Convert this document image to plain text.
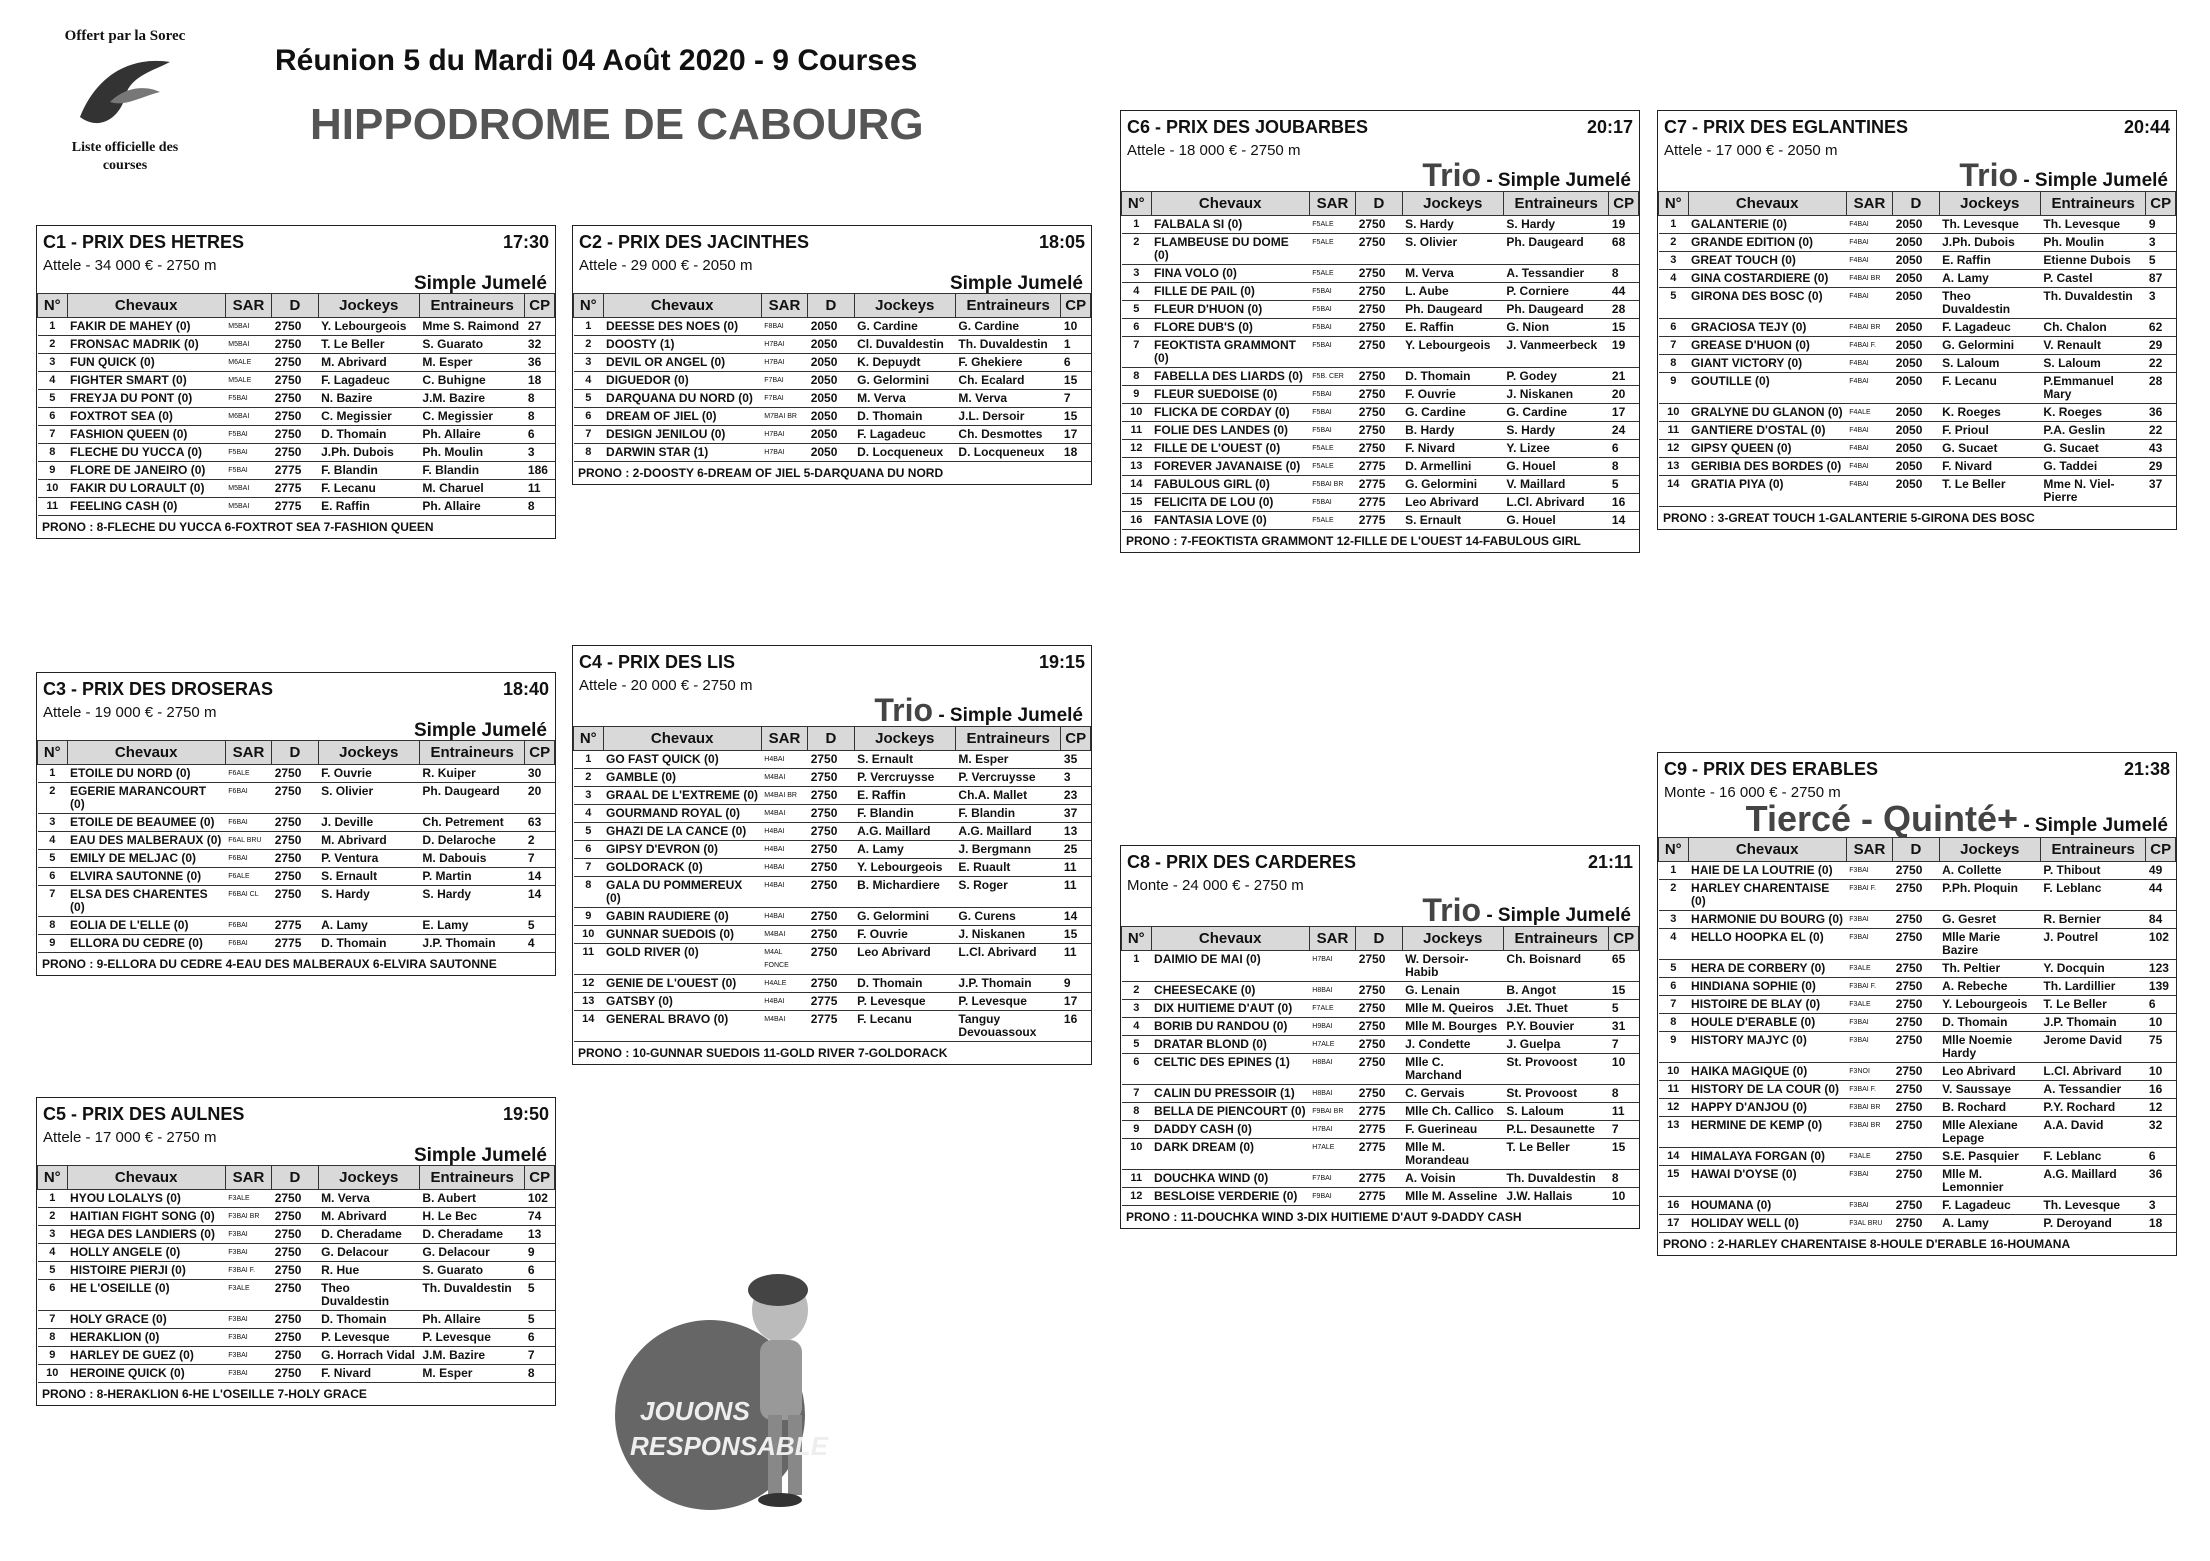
Offert par la Sorec
Liste officielle des courses
Réunion 5 du Mardi 04 Août 2020 - 9 Courses
HIPPODROME DE CABOURG
C1 - PRIX DES HETRES	17:30
Attele - 34 000 € - 2750 m
Simple Jumelé
N°	Chevaux	SAR	D	Jockeys	Entraineurs	CP
1	FAKIR DE MAHEY (0)	M5BAI	2750	Y. Lebourgeois	Mme S. Raimond	27
2	FRONSAC MADRIK (0)	M5BAI	2750	T. Le Beller	S. Guarato	32
3	FUN QUICK (0)	M6ALE	2750	M. Abrivard	M. Esper	36
4	FIGHTER SMART (0)	M5ALE	2750	F. Lagadeuc	C. Buhigne	18
5	FREYJA DU PONT (0)	F5BAI	2750	N. Bazire	J.M. Bazire	8
6	FOXTROT SEA (0)	M6BAI	2750	C. Megissier	C. Megissier	8
7	FASHION QUEEN (0)	F5BAI	2750	D. Thomain	Ph. Allaire	6
8	FLECHE DU YUCCA (0)	F5BAI	2750	J.Ph. Dubois	Ph. Moulin	3
9	FLORE DE JANEIRO (0)	F5BAI	2775	F. Blandin	F. Blandin	186
10	FAKIR DU LORAULT (0)	M5BAI	2775	F. Lecanu	M. Charuel	11
11	FEELING CASH (0)	M5BAI	2775	E. Raffin	Ph. Allaire	8
PRONO : 8-FLECHE DU YUCCA 6-FOXTROT SEA 7-FASHION QUEEN
C2 - PRIX DES JACINTHES	18:05
Attele - 29 000 € - 2050 m
Simple Jumelé
N°	Chevaux	SAR	D	Jockeys	Entraineurs	CP
1	DEESSE DES NOES (0)	F8BAI	2050	G. Cardine	G. Cardine	10
2	DOOSTY (1)	H7BAI	2050	Cl. Duvaldestin	Th. Duvaldestin	1
3	DEVIL OR ANGEL (0)	H7BAI	2050	K. Depuydt	F. Ghekiere	6
4	DIGUEDOR (0)	F7BAI	2050	G. Gelormini	Ch. Ecalard	15
5	DARQUANA DU NORD (0)	F7BAI	2050	M. Verva	M. Verva	7
6	DREAM OF JIEL (0)	M7BAI BR	2050	D. Thomain	J.L. Dersoir	15
7	DESIGN JENILOU (0)	H7BAI	2050	F. Lagadeuc	Ch. Desmottes	17
8	DARWIN STAR (1)	H7BAI	2050	D. Locqueneux	D. Locqueneux	18
PRONO : 2-DOOSTY 6-DREAM OF JIEL 5-DARQUANA DU NORD
C3 - PRIX DES DROSERAS	18:40
Attele - 19 000 € - 2750 m
Simple Jumelé
N°	Chevaux	SAR	D	Jockeys	Entraineurs	CP
1	ETOILE DU NORD (0)	F6ALE	2750	F. Ouvrie	R. Kuiper	30
2	EGERIE MARANCOURT (0)	F6BAI	2750	S. Olivier	Ph. Daugeard	20
3	ETOILE DE BEAUMEE (0)	F6BAI	2750	J. Deville	Ch. Petrement	63
4	EAU DES MALBERAUX (0)	F6AL BRU	2750	M. Abrivard	D. Delaroche	2
5	EMILY DE MELJAC (0)	F6BAI	2750	P. Ventura	M. Dabouis	7
6	ELVIRA SAUTONNE (0)	F6ALE	2750	S. Ernault	P. Martin	14
7	ELSA DES CHARENTES (0)	F6BAI CL	2750	S. Hardy	S. Hardy	14
8	EOLIA DE L'ELLE (0)	F6BAI	2775	A. Lamy	E. Lamy	5
9	ELLORA DU CEDRE (0)	F6BAI	2775	D. Thomain	J.P. Thomain	4
PRONO : 9-ELLORA DU CEDRE 4-EAU DES MALBERAUX 6-ELVIRA SAUTONNE
C4 - PRIX DES LIS	19:15
Attele - 20 000 € - 2750 m
Trio - Simple Jumelé
N°	Chevaux	SAR	D	Jockeys	Entraineurs	CP
1	GO FAST QUICK (0)	H4BAI	2750	S. Ernault	M. Esper	35
2	GAMBLE (0)	M4BAI	2750	P. Vercruysse	P. Vercruysse	3
3	GRAAL DE L'EXTREME (0)	M4BAI BR	2750	E. Raffin	Ch.A. Mallet	23
4	GOURMAND ROYAL (0)	M4BAI	2750	F. Blandin	F. Blandin	37
5	GHAZI DE LA CANCE (0)	H4BAI	2750	A.G. Maillard	A.G. Maillard	13
6	GIPSY D'EVRON (0)	H4BAI	2750	A. Lamy	J. Bergmann	25
7	GOLDORACK (0)	H4BAI	2750	Y. Lebourgeois	E. Ruault	11
8	GALA DU POMMEREUX (0)	H4BAI	2750	B. Michardiere	S. Roger	11
9	GABIN RAUDIERE (0)	H4BAI	2750	G. Gelormini	G. Curens	14
10	GUNNAR SUEDOIS (0)	M4BAI	2750	F. Ouvrie	J. Niskanen	15
11	GOLD RIVER (0)	M4AL FONCE	2750	Leo Abrivard	L.Cl. Abrivard	11
12	GENIE DE L'OUEST (0)	H4ALE	2750	D. Thomain	J.P. Thomain	9
13	GATSBY (0)	H4BAI	2775	P. Levesque	P. Levesque	17
14	GENERAL BRAVO (0)	M4BAI	2775	F. Lecanu	Tanguy Devouassoux	16
PRONO : 10-GUNNAR SUEDOIS 11-GOLD RIVER 7-GOLDORACK
C5 - PRIX DES AULNES	19:50
Attele - 17 000 € - 2750 m
Simple Jumelé
N°	Chevaux	SAR	D	Jockeys	Entraineurs	CP
1	HYOU LOLALYS (0)	F3ALE	2750	M. Verva	B. Aubert	102
2	HAITIAN FIGHT SONG (0)	F3BAI BR	2750	M. Abrivard	H. Le Bec	74
3	HEGA DES LANDIERS (0)	F3BAI	2750	D. Cheradame	D. Cheradame	13
4	HOLLY ANGELE (0)	F3BAI	2750	G. Delacour	G. Delacour	9
5	HISTOIRE PIERJI (0)	F3BAI F.	2750	R. Hue	S. Guarato	6
6	HE L'OSEILLE (0)	F3ALE	2750	Theo Duvaldestin	Th. Duvaldestin	5
7	HOLY GRACE (0)	F3BAI	2750	D. Thomain	Ph. Allaire	5
8	HERAKLION (0)	F3BAI	2750	P. Levesque	P. Levesque	6
9	HARLEY DE GUEZ (0)	F3BAI	2750	G. Horrach Vidal	J.M. Bazire	7
10	HEROINE QUICK (0)	F3BAI	2750	F. Nivard	M. Esper	8
PRONO : 8-HERAKLION 6-HE L'OSEILLE 7-HOLY GRACE
C6 - PRIX DES JOUBARBES	20:17
Attele - 18 000 € - 2750 m
Trio - Simple Jumelé
N°	Chevaux	SAR	D	Jockeys	Entraineurs	CP
1	FALBALA SI (0)	F5ALE	2750	S. Hardy	S. Hardy	19
2	FLAMBEUSE DU DOME (0)	F5ALE	2750	S. Olivier	Ph. Daugeard	68
3	FINA VOLO (0)	F5ALE	2750	M. Verva	A. Tessandier	8
4	FILLE DE PAIL (0)	F5BAI	2750	L. Aube	P. Corniere	44
5	FLEUR D'HUON (0)	F5BAI	2750	Ph. Daugeard	Ph. Daugeard	28
6	FLORE DUB'S (0)	F5BAI	2750	E. Raffin	G. Nion	15
7	FEOKTISTA GRAMMONT (0)	F5BAI	2750	Y. Lebourgeois	J. Vanmeerbeck	19
8	FABELLA DES LIARDS (0)	F5B. CER	2750	D. Thomain	P. Godey	21
9	FLEUR SUEDOISE (0)	F5BAI	2750	F. Ouvrie	J. Niskanen	20
10	FLICKA DE CORDAY (0)	F5BAI	2750	G. Cardine	G. Cardine	17
11	FOLIE DES LANDES (0)	F5BAI	2750	B. Hardy	S. Hardy	24
12	FILLE DE L'OUEST (0)	F5ALE	2750	F. Nivard	Y. Lizee	6
13	FOREVER JAVANAISE (0)	F5ALE	2775	D. Armellini	G. Houel	8
14	FABULOUS GIRL (0)	F5BAI BR	2775	G. Gelormini	V. Maillard	5
15	FELICITA DE LOU (0)	F5BAI	2775	Leo Abrivard	L.Cl. Abrivard	16
16	FANTASIA LOVE (0)	F5ALE	2775	S. Ernault	G. Houel	14
PRONO : 7-FEOKTISTA GRAMMONT 12-FILLE DE L'OUEST 14-FABULOUS GIRL
C7 - PRIX DES EGLANTINES	20:44
Attele - 17 000 € - 2050 m
Trio - Simple Jumelé
N°	Chevaux	SAR	D	Jockeys	Entraineurs	CP
1	GALANTERIE (0)	F4BAI	2050	Th. Levesque	Th. Levesque	9
2	GRANDE EDITION (0)	F4BAI	2050	J.Ph. Dubois	Ph. Moulin	3
3	GREAT TOUCH (0)	F4BAI	2050	E. Raffin	Etienne Dubois	5
4	GINA COSTARDIERE (0)	F4BAI BR	2050	A. Lamy	P. Castel	87
5	GIRONA DES BOSC (0)	F4BAI	2050	Theo Duvaldestin	Th. Duvaldestin	3
6	GRACIOSA TEJY (0)	F4BAI BR	2050	F. Lagadeuc	Ch. Chalon	62
7	GREASE D'HUON (0)	F4BAI F.	2050	G. Gelormini	V. Renault	29
8	GIANT VICTORY (0)	F4BAI	2050	S. Laloum	S. Laloum	22
9	GOUTILLE (0)	F4BAI	2050	F. Lecanu	P.Emmanuel Mary	28
10	GRALYNE DU GLANON (0)	F4ALE	2050	K. Roeges	K. Roeges	36
11	GANTIERE D'OSTAL (0)	F4BAI	2050	F. Prioul	P.A. Geslin	22
12	GIPSY QUEEN (0)	F4BAI	2050	G. Sucaet	G. Sucaet	43
13	GERIBIA DES BORDES (0)	F4BAI	2050	F. Nivard	G. Taddei	29
14	GRATIA PIYA (0)	F4BAI	2050	T. Le Beller	Mme N. Viel-Pierre	37
PRONO : 3-GREAT TOUCH 1-GALANTERIE 5-GIRONA DES BOSC
C8 - PRIX DES CARDERES	21:11
Monte - 24 000 € - 2750 m
Trio - Simple Jumelé
N°	Chevaux	SAR	D	Jockeys	Entraineurs	CP
1	DAIMIO DE MAI (0)	H7BAI	2750	W. Dersoir-Habib	Ch. Boisnard	65
2	CHEESECAKE (0)	H8BAI	2750	G. Lenain	B. Angot	15
3	DIX HUITIEME D'AUT (0)	F7ALE	2750	Mlle M. Queiros	J.Et. Thuet	5
4	BORIB DU RANDOU (0)	H9BAI	2750	Mlle M. Bourges	P.Y. Bouvier	31
5	DRATAR BLOND (0)	H7ALE	2750	J. Condette	J. Guelpa	7
6	CELTIC DES EPINES (1)	H8BAI	2750	Mlle C. Marchand	St. Provoost	10
7	CALIN DU PRESSOIR (1)	H8BAI	2750	C. Gervais	St. Provoost	8
8	BELLA DE PIENCOURT (0)	F9BAI BR	2775	Mlle Ch. Callico	S. Laloum	11
9	DADDY CASH (0)	H7BAI	2775	F. Guerineau	P.L. Desaunette	7
10	DARK DREAM (0)	H7ALE	2775	Mlle M. Morandeau	T. Le Beller	15
11	DOUCHKA WIND (0)	F7BAI	2775	A. Voisin	Th. Duvaldestin	8
12	BESLOISE VERDERIE (0)	F9BAI	2775	Mlle M. Asseline	J.W. Hallais	10
PRONO : 11-DOUCHKA WIND 3-DIX HUITIEME D'AUT 9-DADDY CASH
C9 - PRIX DES ERABLES	21:38
Monte - 16 000 € - 2750 m
Tiercé - Quinté+ - Simple Jumelé
N°	Chevaux	SAR	D	Jockeys	Entraineurs	CP
1	HAIE DE LA LOUTRIE (0)	F3BAI	2750	A. Collette	P. Thibout	49
2	HARLEY CHARENTAISE (0)	F3BAI F.	2750	P.Ph. Ploquin	F. Leblanc	44
3	HARMONIE DU BOURG (0)	F3BAI	2750	G. Gesret	R. Bernier	84
4	HELLO HOOPKA EL (0)	F3BAI	2750	Mlle Marie Bazire	J. Poutrel	102
5	HERA DE CORBERY (0)	F3ALE	2750	Th. Peltier	Y. Docquin	123
6	HINDIANA SOPHIE (0)	F3BAI F.	2750	A. Rebeche	Th. Lardillier	139
7	HISTOIRE DE BLAY (0)	F3ALE	2750	Y. Lebourgeois	T. Le Beller	6
8	HOULE D'ERABLE (0)	F3BAI	2750	D. Thomain	J.P. Thomain	10
9	HISTORY MAJYC (0)	F3BAI	2750	Mlle Noemie Hardy	Jerome David	75
10	HAIKA MAGIQUE (0)	F3NOI	2750	Leo Abrivard	L.Cl. Abrivard	10
11	HISTORY DE LA COUR (0)	F3BAI F.	2750	V. Saussaye	A. Tessandier	16
12	HAPPY D'ANJOU (0)	F3BAI BR	2750	B. Rochard	P.Y. Rochard	12
13	HERMINE DE KEMP (0)	F3BAI BR	2750	Mlle Alexiane Lepage	A.A. David	32
14	HIMALAYA FORGAN (0)	F3ALE	2750	S.E. Pasquier	F. Leblanc	6
15	HAWAI D'OYSE (0)	F3BAI	2750	Mlle M. Lemonnier	A.G. Maillard	36
16	HOUMANA (0)	F3BAI	2750	F. Lagadeuc	Th. Levesque	3
17	HOLIDAY WELL (0)	F3AL BRU	2750	A. Lamy	P. Deroyand	18
PRONO : 2-HARLEY CHARENTAISE 8-HOULE D'ERABLE 16-HOUMANA
JOUONS
RESPONSABLE
